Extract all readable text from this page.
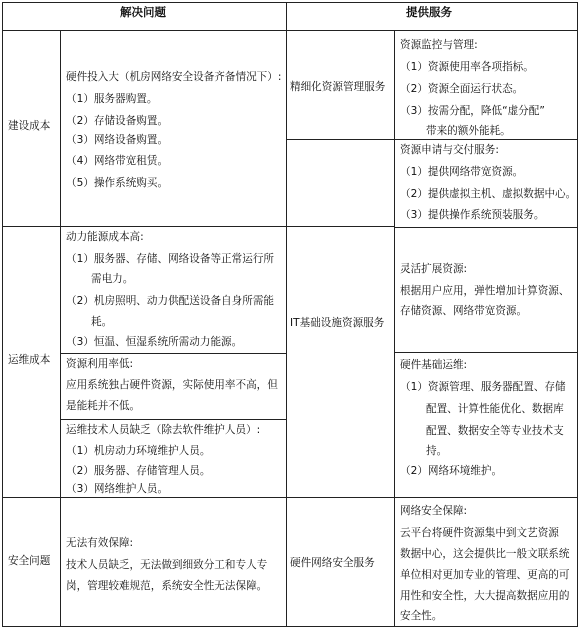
解决问题	提供服务
建设成本
运维成本
安全问题
硬件投入大（机房网络安全设备齐备情况下）:
（1）服务器购置。
（2）存储设备购置。
（3）网络设备购置。
（4）网络带宽租赁。
（5）操作系统购买。
动力能源成本高:
（1）服务器、存储、网络设备等正常运行所
需电力。
（2）机房照明、动力供配送设备自身所需能
耗。
（3）恒温、恒湿系统所需动力能源。
资源利用率低:
应用系统独占硬件资源，实际使用率不高，但
是能耗并不低。
运维技术人员缺乏（除去软件维护人员）:
（1）机房动力环境维护人员。
（2）服务器、存储管理人员。
（3）网络维护人员。
无法有效保障:
技术人员缺乏，无法做到细致分工和专人专
岗，管理较难规范，系统安全性无法保障。
精细化资源管理服务
IT基础设施资源服务
硬件网络安全服务
资源监控与管理:
（1）资源使用率各项指标。
（2）资源全面运行状态。
（3）按需分配，降低“虚分配”
带来的额外能耗。
资源申请与交付服务:
（1）提供网络带宽资源。
（2）提供虚拟主机、虚拟数据中心。
（3）提供操作系统预装服务。
灵活扩展资源:
根据用户应用，弹性增加计算资源、
存储资源、网络带宽资源。
硬件基础运维:
（1）资源管理、服务器配置、存储
配置、计算性能优化、数据库
配置、数据安全等专业技术支
持。
（2）网络环境维护。
网络安全保障:
云平台将硬件资源集中到文艺资源
数据中心，这会提供比一般文联系统
单位相对更加专业的管理、更高的可
用性和安全性，大大提高数据应用的
安全性。
